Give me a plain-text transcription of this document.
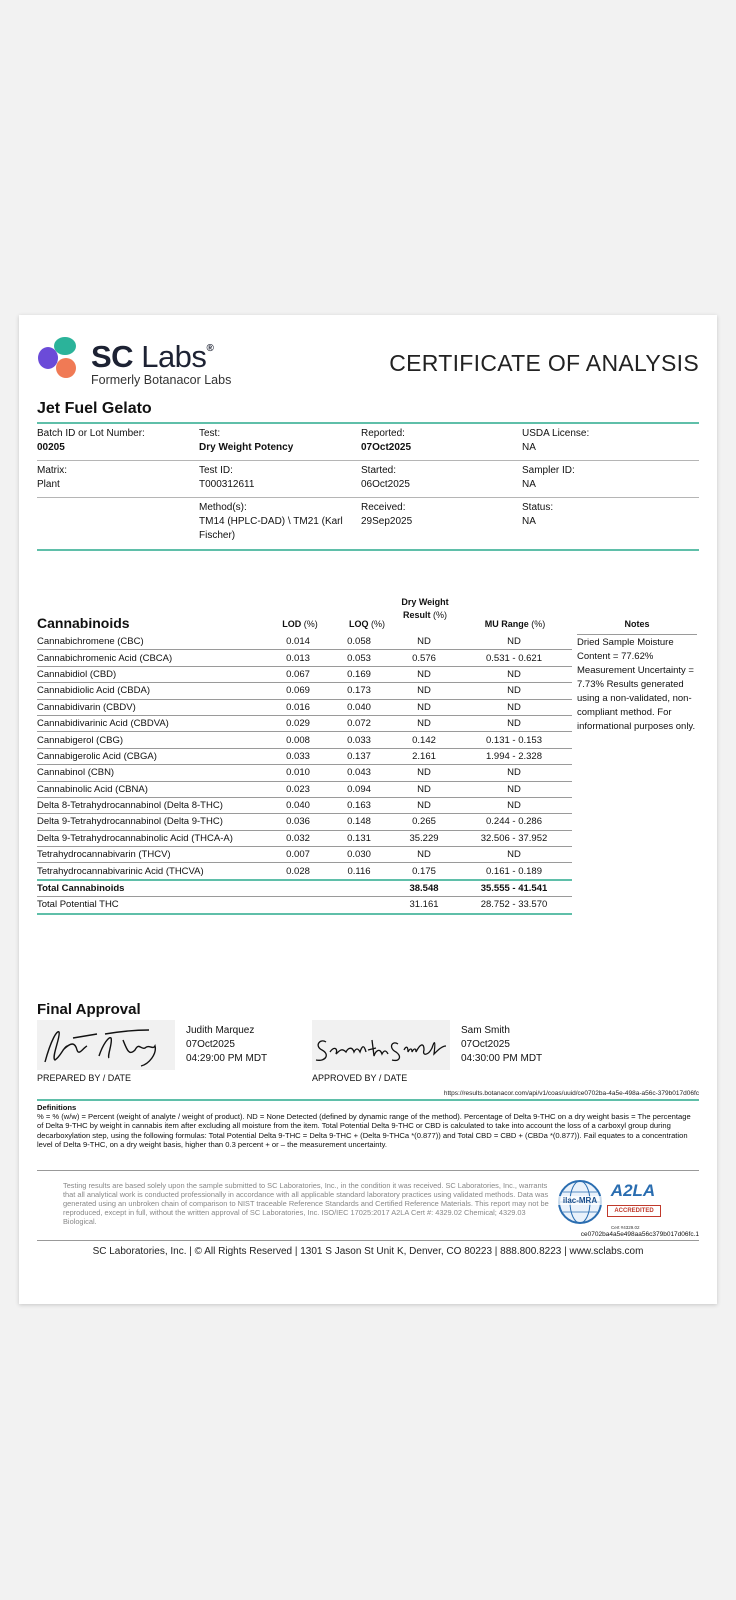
SC Labs®
Formerly Botanacor Labs
CERTIFICATE OF ANALYSIS
Jet Fuel Gelato
Batch ID or Lot Number:
00205
Test:
Dry Weight Potency
Reported:
07Oct2025
USDA License:
NA
Matrix:
Plant
Test ID:
T000312611
Started:
06Oct2025
Sampler ID:
NA
Method(s):
TM14 (HPLC-DAD) \ TM21 (Karl
Fischer)
Received:
29Sep2025
Status:
NA
Cannabinoids	LOD (%)	LOQ (%)
Dry Weight
Result (%)
MU Range (%)	Notes
Cannabichromene (CBC)	0.014	0.058	ND	ND
Cannabichromenic Acid (CBCA)	0.013	0.053	0.576	0.531 - 0.621
Cannabidiol (CBD)	0.067	0.169	ND	ND
Cannabidiolic Acid (CBDA)	0.069	0.173	ND	ND
Cannabidivarin (CBDV)	0.016	0.040	ND	ND
Cannabidivarinic Acid (CBDVA)	0.029	0.072	ND	ND
Cannabigerol (CBG)	0.008	0.033	0.142	0.131 - 0.153
Cannabigerolic Acid (CBGA)	0.033	0.137	2.161	1.994 - 2.328
Cannabinol (CBN)	0.010	0.043	ND	ND
Cannabinolic Acid (CBNA)	0.023	0.094	ND	ND
Delta 8-Tetrahydrocannabinol (Delta 8-THC)	0.040	0.163	ND	ND
Delta 9-Tetrahydrocannabinol (Delta 9-THC)	0.036	0.148	0.265	0.244 - 0.286
Delta 9-Tetrahydrocannabinolic Acid (THCA-A)	0.032	0.131	35.229	32.506 - 37.952
Tetrahydrocannabivarin (THCV)	0.007	0.030	ND	ND
Tetrahydrocannabivarinic Acid (THCVA)	0.028	0.116	0.175	0.161 - 0.189
Total Cannabinoids			38.548	35.555 - 41.541
Total Potential THC			31.161	28.752 - 33.570
Dried Sample Moisture Content = 77.62% Measurement Uncertainty = 7.73% Results generated using a non-validated, non-compliant method. For informational purposes only.
Final Approval
Judith Marquez
07Oct2025
04:29:00 PM MDT
PREPARED BY / DATE
Sam Smith
07Oct2025
04:30:00 PM MDT
APPROVED BY / DATE
https://results.botanacor.com/api/v1/coas/uuid/ce0702ba-4a5e-498a-a56c-379b017d06fc
Definitions
% = % (w/w) = Percent (weight of analyte / weight of product). ND = None Detected (defined by dynamic range of the method). Percentage of Delta 9-THC on a dry weight basis = The percentage of Delta 9-THC by weight in cannabis item after excluding all moisture from the item. Total Potential Delta 9-THC or CBD is calculated to take into account the loss of a carboxyl group during decarboxylation step, using the following formulas: Total Potential Delta 9-THC = Delta 9-THC + (Delta 9-THCa *(0.877)) and Total CBD = CBD + (CBDa *(0.877)). Fail equates to a concentration level of Delta 9-THC, on a dry weight basis, higher than 0.3 percent + or – the measurement uncertainty.
Testing results are based solely upon the sample submitted to SC Laboratories, Inc., in the condition it was received. SC Laboratories, Inc., warrants that all analytical work is conducted professionally in accordance with all applicable standard laboratory practices using validated methods. Data was generated using an unbroken chain of comparison to NIST traceable Reference Standards and Certified Reference Materials. This report may not be reproduced, except in full, without the written approval of SC Laboratories, Inc. ISO/IEC 17025:2017 A2LA Cert #: 4329.02 Chemical; 4329.03 Biological.
ilac-MRA
A2LA
ACCREDITED
Cert #4329.02
ce0702ba4a5e498aa56c379b017d06fc.1
SC Laboratories, Inc. | © All Rights Reserved | 1301 S Jason St Unit K, Denver, CO 80223 | 888.800.8223 | www.sclabs.com
